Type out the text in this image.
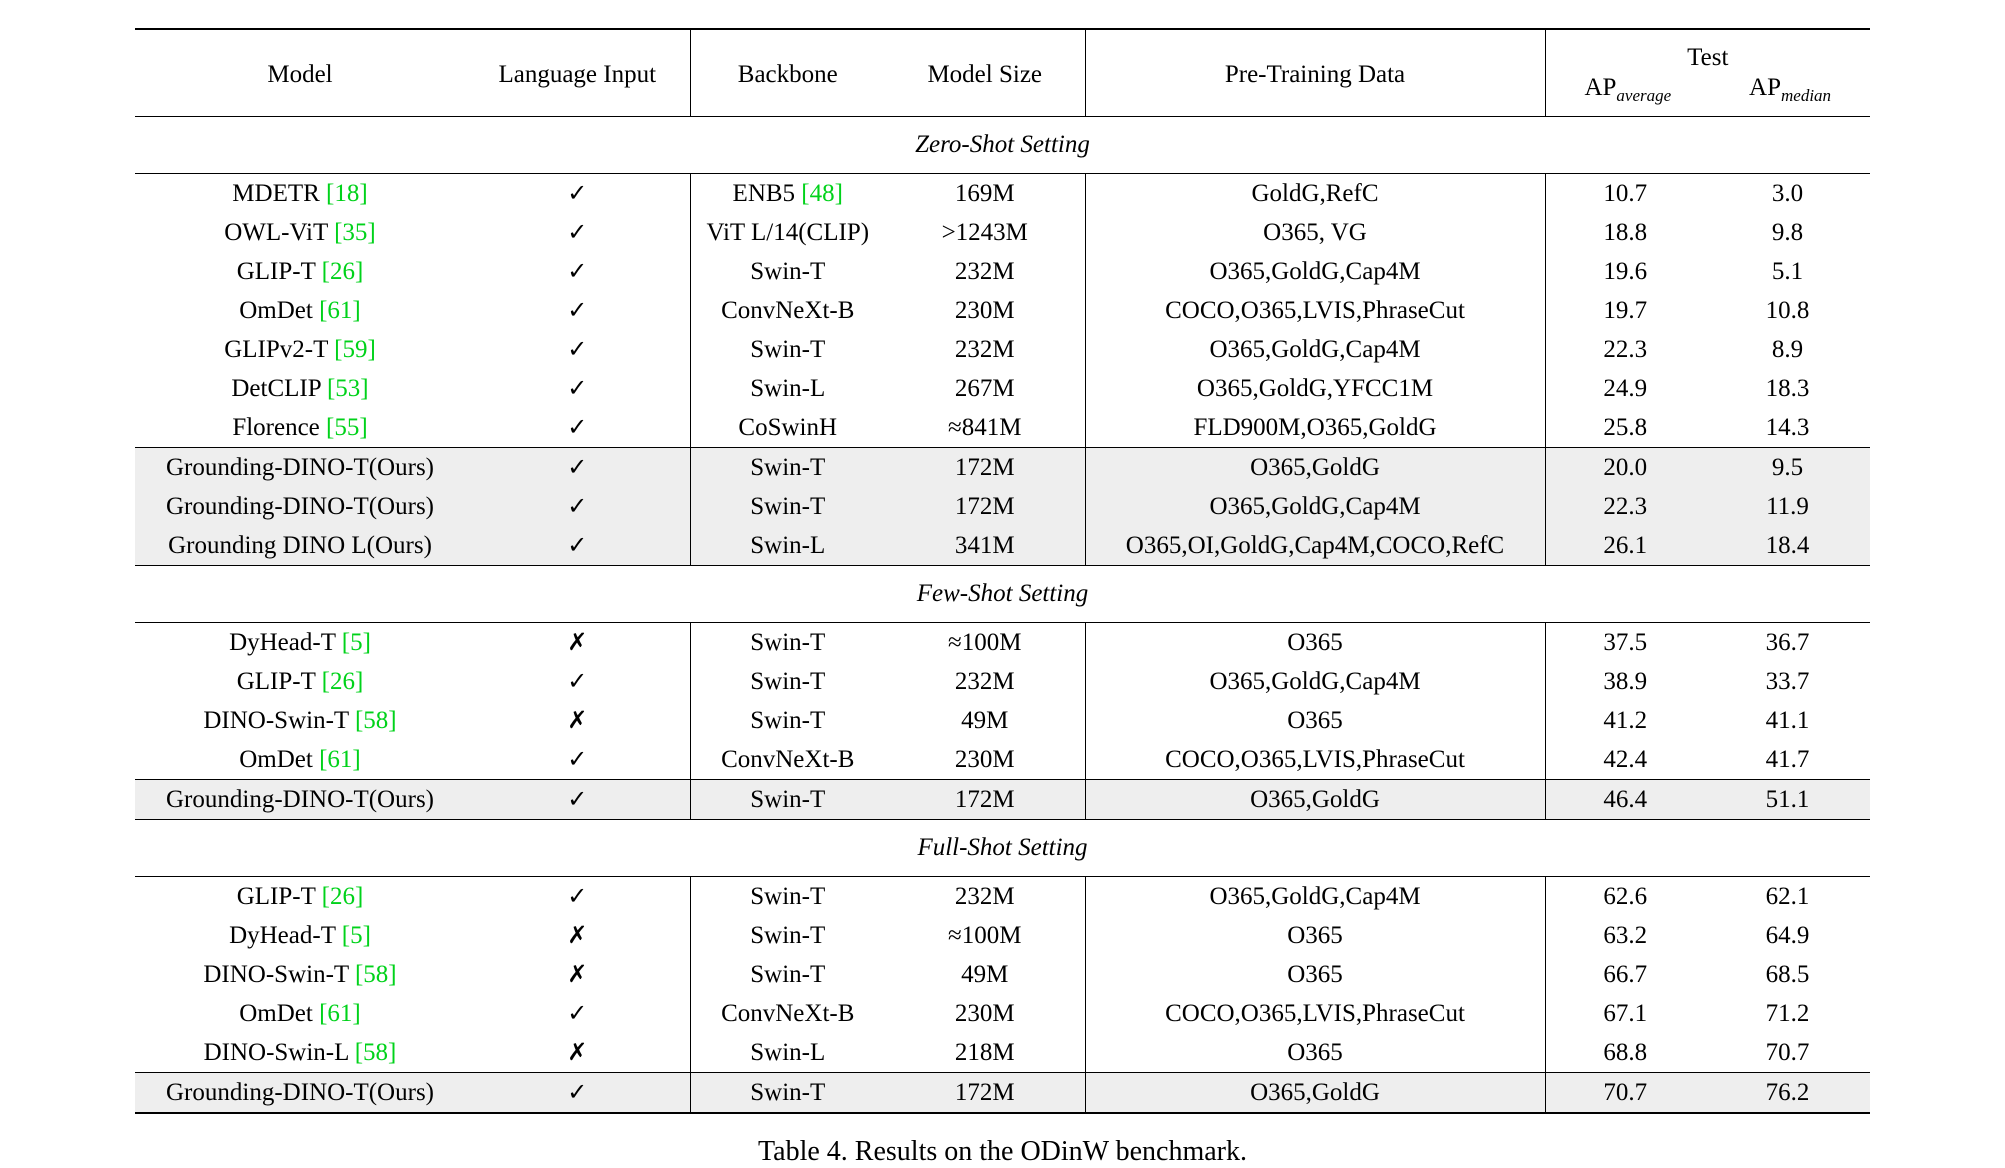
Model	Language Input	Backbone	Model Size	Pre-Training Data	Test
$AP_{average}$ $AP_{median}$

Zero-Shot Setting						
MDETR [18]	✓	ENB5 [48]	169M	GoldG,RefC	10.7	3.0
OWL-ViT [35]	✓	ViT L/14(CLIP)	>1243M	O365, VG	18.8	9.8
GLIP-T [26]	✓	Swin-T	232M	O365,GoldG,Cap4M	19.6	5.1
OmDet [61]	✓	ConvNeXt-B	230M	COCO,O365,LVIS,PhraseCut	19.7	10.8
GLIPv2-T [59]	✓	Swin-T	232M	O365,GoldG,Cap4M	22.3	8.9
DetCLIP [53]	✓	Swin-L	267M	O365,GoldG,YFCC1M	24.9	18.3
Florence [55]	✓	CoSwinH	≈841M	FLD900M,O365,GoldG	25.8	14.3
Grounding-DINO-T(Ours)	✓	Swin-T	172M	O365,GoldG	20.0	9.5
Grounding-DINO-T(Ours)	✓	Swin-T	172M	O365,GoldG,Cap4M	22.3	11.9
Grounding DINO L(Ours)	✓	Swin-L	341M	O365,OI,GoldG,Cap4M,COCO,RefC	26.1	18.4
Few-Shot Setting						
DyHead-T [5]	✗	Swin-T	≈100M	O365	37.5	36.7
GLIP-T [26]	✓	Swin-T	232M	O365,GoldG,Cap4M	38.9	33.7
DINO-Swin-T [58]	✗	Swin-T	49M	O365	41.2	41.1
OmDet [61]	✓	ConvNeXt-B	230M	COCO,O365,LVIS,PhraseCut	42.4	41.7
Grounding-DINO-T(Ours)	✓	Swin-T	172M	O365,GoldG	46.4	51.1
Full-Shot Setting						
GLIP-T [26]	✓	Swin-T	232M	O365,GoldG,Cap4M	62.6	62.1
DyHead-T [5]	✗	Swin-T	≈100M	O365	63.2	64.9
DINO-Swin-T [58]	✗	Swin-T	49M	O365	66.7	68.5
OmDet [61]	✓	ConvNeXt-B	230M	COCO,O365,LVIS,PhraseCut	67.1	71.2
DINO-Swin-L [58]	✗	Swin-L	218M	O365	68.8	70.7
Grounding-DINO-T(Ours)	✓	Swin-T	172M	O365,GoldG	70.7	76.2

Table 4. Results on the ODinW benchmark.
